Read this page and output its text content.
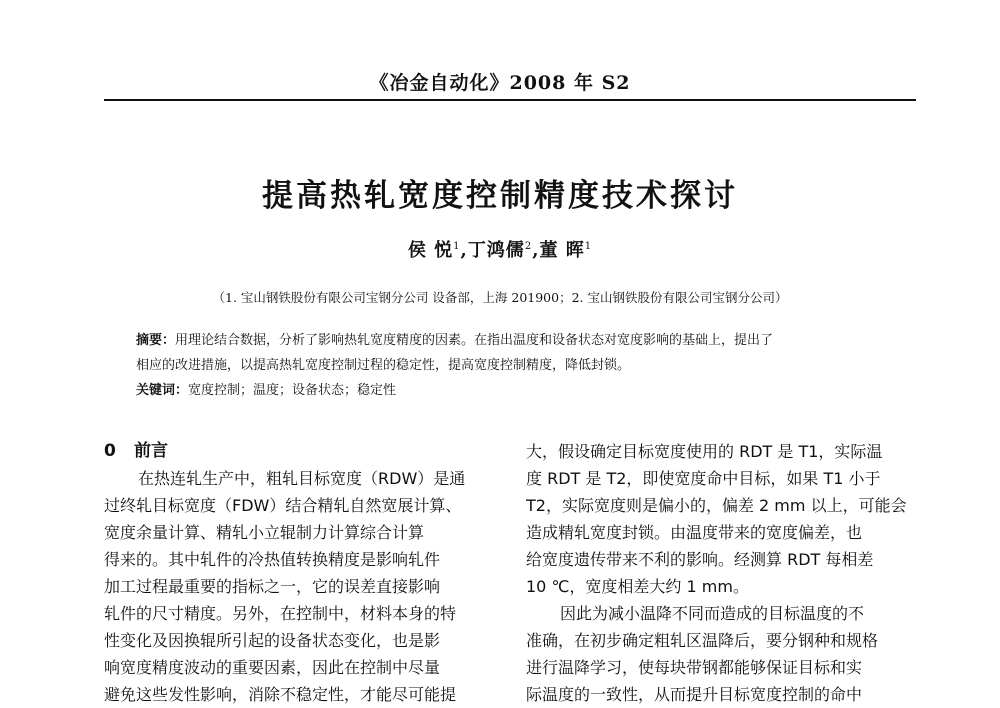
《冶金自动化》2008 年 S2
提高热轧宽度控制精度技术探讨
侯 悦$^1$,丁鸿儒$^2$,董 晖$^1$
（1. 宝山钢铁股份有限公司宝钢分公司 设备部，上海 201900；2. 宝山钢铁股份有限公司宝钢分公司）
摘要：用理论结合数据，分析了影响热轧宽度精度的因素。在指出温度和设备状态对宽度影响的基础上，提出了
相应的改进措施，以提高热轧宽度控制过程的稳定性，提高宽度控制精度，降低封锁。
关键词：宽度控制；温度；设备状态；稳定性
0 前言
在热连轧生产中，粗轧目标宽度（RDW）是通
过终轧目标宽度（FDW）结合精轧自然宽展计算、
宽度余量计算、精轧小立辊制力计算综合计算
得来的。其中轧件的冷热值转换精度是影响轧件
加工过程最重要的指标之一，它的误差直接影响
轧件的尺寸精度。另外，在控制中，材料本身的特
性变化及因换辊所引起的设备状态变化，也是影
响宽度精度波动的重要因素，因此在控制中尽量
避免这些发性影响，消除不稳定性，才能尽可能提
大，假设确定目标宽度使用的 RDT 是 T1，实际温
度 RDT 是 T2，即使宽度命中目标，如果 T1 小于
T2，实际宽度则是偏小的，偏差 2 mm 以上，可能会
造成精轧宽度封锁。由温度带来的宽度偏差，也
给宽度遗传带来不利的影响。经测算 RDT 每相差
10 ℃，宽度相差大约 1 mm。
因此为减小温降不同而造成的目标温度的不
准确，在初步确定粗轧区温降后，要分钢种和规格
进行温降学习，使每块带钢都能够保证目标和实
际温度的一致性，从而提升目标宽度控制的命中
